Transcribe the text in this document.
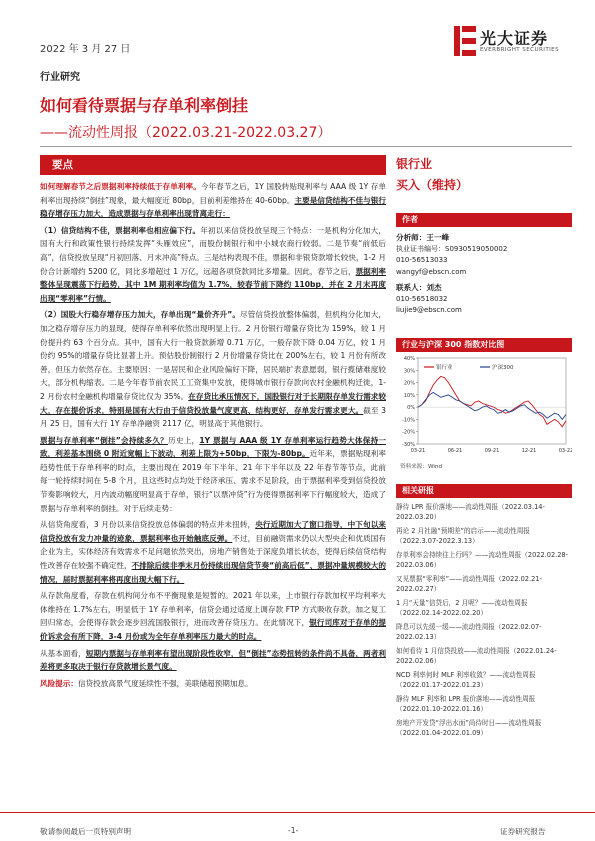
2022 年 3 月 27 日
光大证券
EVERBRIGHT SECURITIES
行业研究
如何看待票据与存单利率倒挂
——流动性周报（2022.03.21-2022.03.27）
要点

如何理解春节之后票据利率持续低于存单利率。今年春节之后，1Y 国股转贴现利率与 AAA 级 1Y 存单利率出现持续“倒挂”现象，最大幅度近 80bp，目前利差维持在 40-60bp。主要是信贷结构不佳与银行稳存增存压力加大，造成票据与存单利率出现背离走行：

（1）信贷结构不佳，票据利率也相应偏下行。年初以来信贷投放呈现三个特点：一是机构分化加大，国有大行和政策性银行持续发挥“头雁效应”，而股份制银行和中小城农商行较弱。二是节奏“前低后高”，信贷投放呈现“月初回落、月末冲高”特点。三是结构表现不佳，票据和非银贷款增长较快，1-2 月份合计新增约 5200 亿，同比多增超过 1 万亿，远超各项贷款同比多增量。因此，春节之后，票据利率整体呈现震荡下行趋势，其中 1M 期利率均值为 1.7%，较春节前下降约 110bp，并在 2 月末再度出现“零利率”行情。

（2）国股大行稳存增存压力加大，存单出现“量价齐升”。尽管信贷投放整体偏弱，但机构分化加大，加之稳存增存压力的显现，使得存单利率依然出现明显上行。2 月份银行增量存贷比为 159%，较 1 月份提升约 63 个百分点。其中，国有大行一般贷款新增 0.71 万亿，一般存款下降 0.04 万亿，较 1 月份约 95%的增量存贷比显著上升。预估股份制银行 2 月份增量存贷比在 200%左右，较 1 月份有所改善，但压力依然存在。主要原因：一是居民和企业风险偏好下降，居民端扩表意愿弱，银行揽储难度较大，部分机构缩表。二是今年春节前农民工工资集中发放，使得城市银行存款向农村金融机构迁徙，1-2 月份农村金融机构增量存贷比仅为 35%。在存贷比承压情况下，国股银行对于长期限存单发行需求较大，存在提价诉求，特别是国有大行由于信贷投放量气度更高、结构更好，存单发行需求更大。截至 3 月 25 日，国有大行 1Y 存单净融资 2117 亿，明显高于其他银行。

票据与存单利率“倒挂”会持续多久？历史上，1Y 票据与 AAA 级 1Y 存单利率运行趋势大体保持一致，利差基本围绕 0 附近宽幅上下波动，利差上限为+50bp，下限为-80bp。近年来，票据贴现利率趋势性低于存单利率的时点，主要出现在 2019 年下半年、21 年下半年以及 22 年春节等节点，此前每一轮持续时间在 5-8 个月，且这些时点均处于经济承压、需求不足阶段，由于票据利率受到信贷投放节奏影响较大，月内波动幅度明显高于存单，银行“以票冲贷”行为使得票据利率下行幅度较大，造成了票据与存单利率的倒挂。对于后续走势：

从信贷角度看，3 月份以来信贷投放总体偏弱的特点并未扭转，央行近期加大了窗口指导，中下旬以来信贷投放有发力冲量的迹象，票据利率也开始触底反弹。不过，目前融资需求仍以大型央企和优质国有企业为主，实体经济有效需求不足问题依然突出，房地产销售处于深度负增长状态，使得后续信贷结构性改善存在较强不确定性，不排除后续非季末月份持续出现信贷节奏“前高后低”、票据冲量规模较大的情况，届时票据利率将再度出现大幅下行。

从存款角度看，存款在机构间分布不平衡现象是短暂的。2021 年以来，上市银行存款加权平均利率大体维持在 1.7%左右，明显低于 1Y 存单利率，信贷会通过适度上调存款 FTP 方式吸收存款，加之复工回归常态，会使得存款会逐步回流国股银行，进而改善存贷压力。在此情况下，银行司库对于存单的提价诉求会有所下降，3-4 月份或为全年存单利率压力最大的时点。

从基本面看，短期内票据与存单利率有望出现阶段性收窄，但“倒挂”态势扭转的条件尚不具备，两者利差将更多取决于银行存贷款增长景气度。

风险提示：信贷投放高景气度延续性不强，美联储超预期加息。

银行业
买入（维持）
作者
分析师：王一峰
执业证书编号：S0930519050002
010-56513033
wangyf@ebscn.com
联系人：刘杰
010-56518032
liujie9@ebscn.com
行业与沪深 300 指数对比图
-30%
-20%
-10%
0%
10%
20%
30%
40%
03-21	06-21	09-21	12-21	03-22
银行业	沪深300
资料来源：Wind
相关研报
静待 LPR 报价落地——流动性周报（2022.03.14-2022.03.20）
再论 2 月社融“预期差”的启示——流动性周报（2022.3.07-2022.3.13）
存单利率会持续往上行吗？——流动性周报（2022.02.28-2022.03.06）
又见票据“零利率”——流动性周报（2022.02.21-2022.02.27）
1 月“天量”信贷后，2 月呢？——流动性周报（2022.02.14-2022.02.20）
降息可以先缓一缓——流动性周报（2022.02.07-2022.02.13）
如何看待 1 月信贷投放——流动性周报（2022.01.24-2022.02.06）
NCD 利率何时 MLF 利率收敛？——流动性周报（2022.01.17-2022.01.23）
静待 MLF 利率和 LPR 报价落地——流动性周报（2022.01.10-2022.01.16）
房地产开发贷“浮出水面”尚待时日——流动性周报（2022.01.04-2022.01.09）
敬请参阅最后一页特别声明	-1-	证券研究报告
